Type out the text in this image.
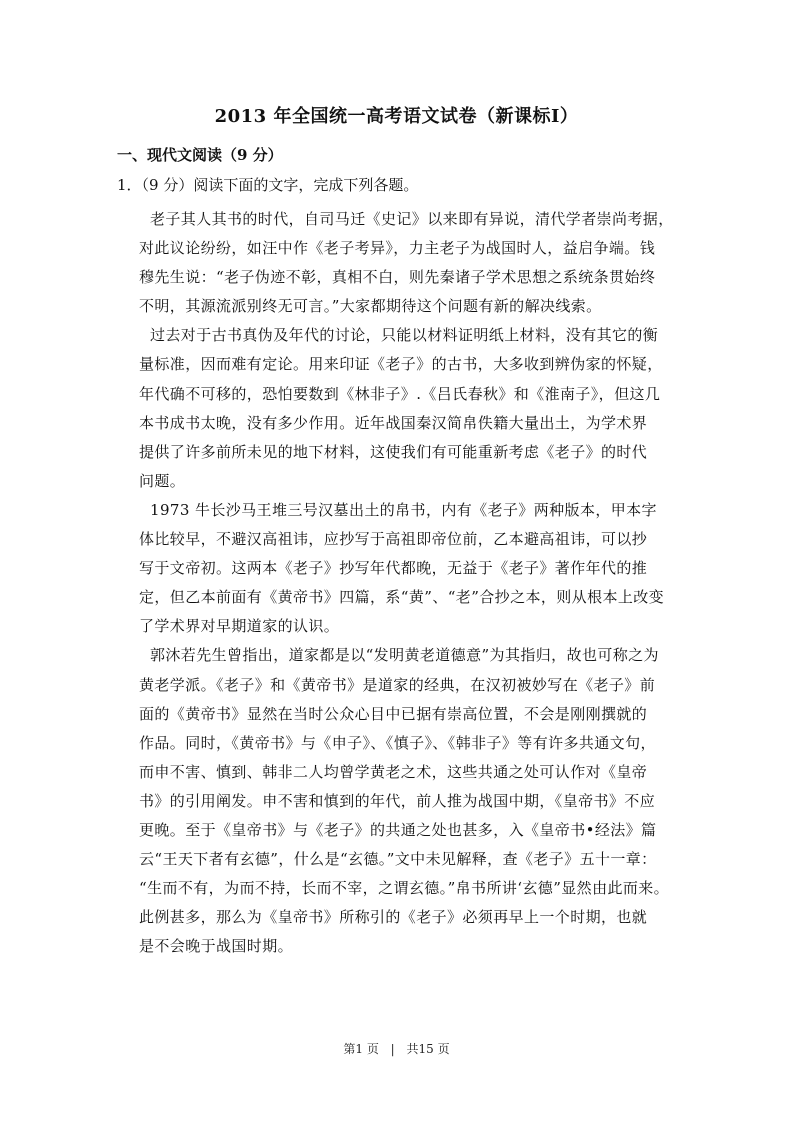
2013 年全国统一高考语文试卷（新课标Ⅰ）
一、现代文阅读（9 分）
1．（9 分）阅读下面的文字，完成下列各题。
老子其人其书的时代，自司马迁《史记》以来即有异说，清代学者崇尚考据，
对此议论纷纷，如汪中作《老子考异》，力主老子为战国时人，益启争端。钱
穆先生说：“老子伪迹不彰，真相不白，则先秦诸子学术思想之系统条贯始终
不明，其源流派别终无可言。”大家都期待这个问题有新的解决线索。
过去对于古书真伪及年代的讨论，只能以材料证明纸上材料，没有其它的衡
量标准，因而难有定论。用来印证《老子》的古书，大多收到辨伪家的怀疑，
年代确不可移的，恐怕要数到《林非子》.《吕氏春秋》和《淮南子》，但这几
本书成书太晚，没有多少作用。近年战国秦汉简帛佚籍大量出土，为学术界
提供了许多前所未见的地下材料，这使我们有可能重新考虑《老子》的时代
问题。
1973 牛长沙马王堆三号汉墓出土的帛书，内有《老子》两种版本，甲本字
体比较早，不避汉高祖讳，应抄写于高祖即帝位前，乙本避高祖讳，可以抄
写于文帝初。这两本《老子》抄写年代都晚，无益于《老子》著作年代的推
定，但乙本前面有《黄帝书》四篇，系“黄”、“老”合抄之本，则从根本上改变
了学术界对早期道家的认识。
郭沐若先生曾指出，道家都是以“发明黄老道德意”为其指归，故也可称之为
黄老学派。《老子》和《黄帝书》是道家的经典，在汉初被妙写在《老子》前
面的《黄帝书》显然在当时公众心目中已据有崇高位置，不会是刚刚撰就的
作品。同时，《黄帝书》与《申子》、《慎子》、《韩非子》等有许多共通文句，
而申不害、慎到、韩非二人均曾学黄老之术，这些共通之处可认作对《皇帝
书》的引用阐发。申不害和慎到的年代，前人推为战国中期，《皇帝书》不应
更晚。至于《皇帝书》与《老子》的共通之处也甚多，入《皇帝书•经法》篇
云“王天下者有玄德”，什么是“玄德。”文中未见解释，查《老子》五十一章：
“生而不有，为而不持，长而不宰，之谓玄德。”帛书所讲‘玄德”显然由此而来。
此例甚多，那么为《皇帝书》所称引的《老子》必须再早上一个时期，也就
是不会晚于战国时期。
第1 页 | 共15 页
